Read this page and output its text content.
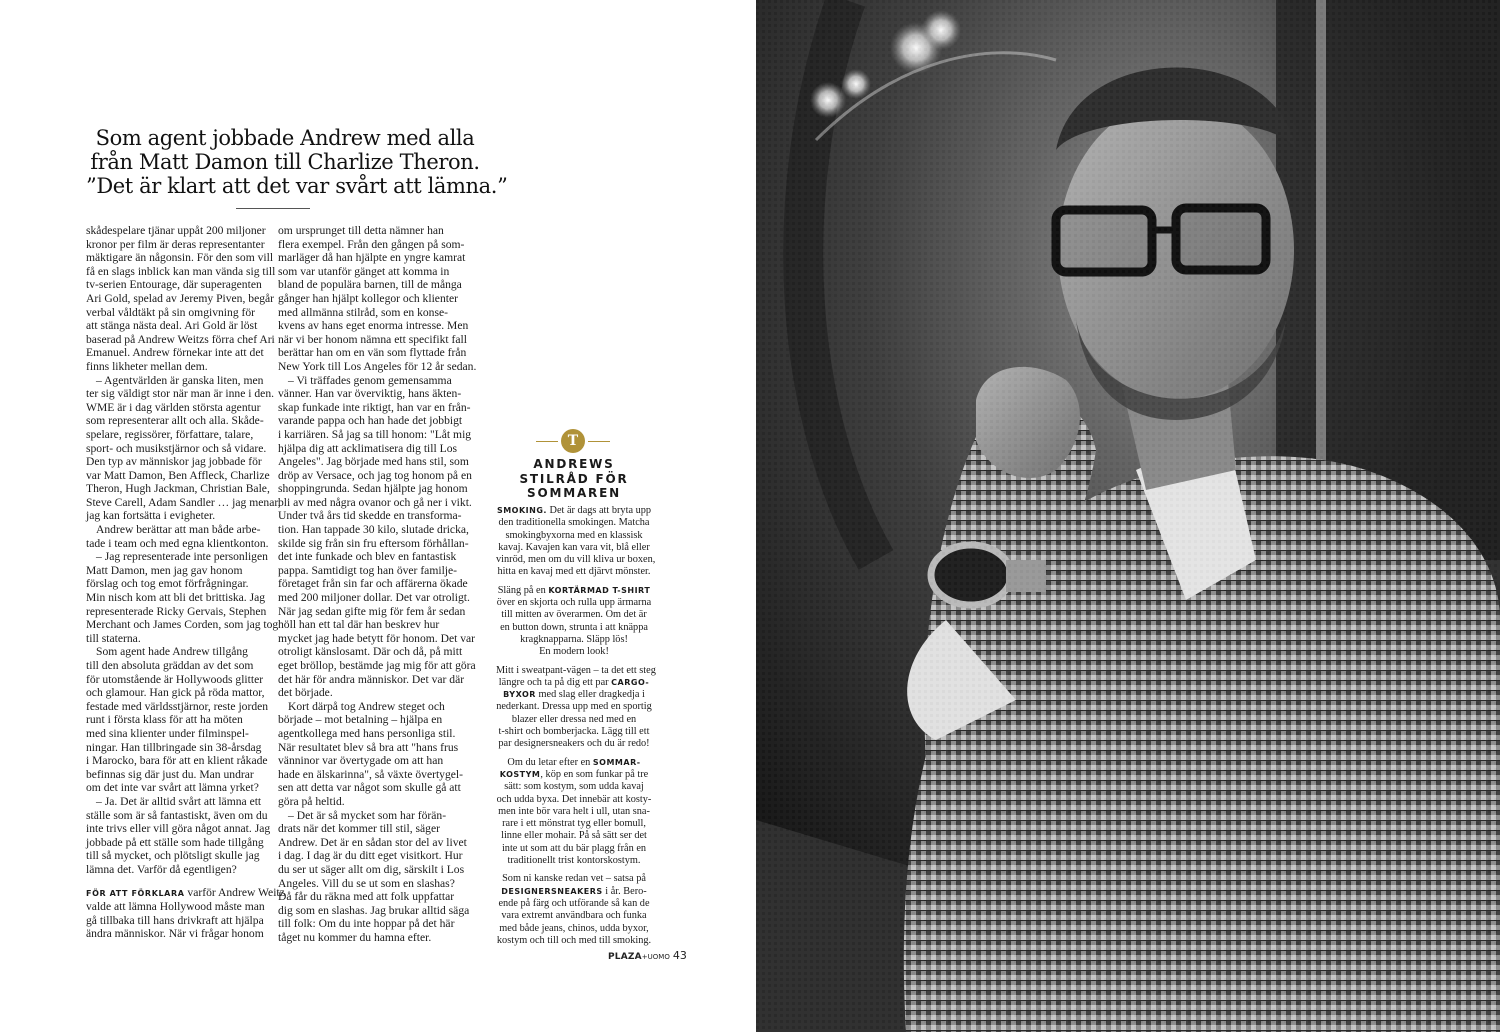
Som agent jobbade Andrew med alla
från Matt Damon till Charlize Theron.
”Det är klart att det var svårt att lämna.”

skådespelare tjänar uppåt 200 miljoner

kronor per film är deras representanter

mäktigare än någonsin. För den som vill

få en slags inblick kan man vända sig till

tv-serien Entourage, där superagenten

Ari Gold, spelad av Jeremy Piven, begår

verbal våldtäkt på sin omgivning för

att stänga nästa deal. Ari Gold är löst

baserad på Andrew Weitzs förra chef Ari

Emanuel. Andrew förnekar inte att det

finns likheter mellan dem.

– Agentvärlden är ganska liten, men

ter sig väldigt stor när man är inne i den.

WME är i dag världen största agentur

som representerar allt och alla. Skåde-

spelare, regissörer, författare, talare,

sport- och musikstjärnor och så vidare.

Den typ av människor jag jobbade för

var Matt Damon, Ben Affleck, Charlize

Theron, Hugh Jackman, Christian Bale,

Steve Carell, Adam Sandler … jag menar,

jag kan fortsätta i evigheter.

Andrew berättar att man både arbe-

tade i team och med egna klientkonton.

– Jag representerade inte personligen

Matt Damon, men jag gav honom

förslag och tog emot förfrågningar.

Min nisch kom att bli det brittiska. Jag

representerade Ricky Gervais, Stephen

Merchant och James Corden, som jag tog

till staterna.

Som agent hade Andrew tillgång

till den absoluta gräddan av det som

för utomstående är Hollywoods glitter

och glamour. Han gick på röda mattor,

festade med världsstjärnor, reste jorden

runt i första klass för att ha möten

med sina klienter under filminspel-

ningar. Han tillbringade sin 38-årsdag

i Marocko, bara för att en klient råkade

befinnas sig där just du. Man undrar

om det inte var svårt att lämna yrket?

– Ja. Det är alltid svårt att lämna ett

ställe som är så fantastiskt, även om du

inte trivs eller vill göra något annat. Jag

jobbade på ett ställe som hade tillgång

till så mycket, och plötsligt skulle jag

lämna det. Varför då egentligen?

FÖR ATT FÖRKLARA varför Andrew Weitz

valde att lämna Hollywood måste man

gå tillbaka till hans drivkraft att hjälpa

ändra människor. När vi frågar honom

om ursprunget till detta nämner han

flera exempel. Från den gången på som-

marläger då han hjälpte en yngre kamrat

som var utanför gänget att komma in

bland de populära barnen, till de många

gånger han hjälpt kollegor och klienter

med allmänna stilråd, som en konse-

kvens av hans eget enorma intresse. Men

när vi ber honom nämna ett specifikt fall

berättar han om en vän som flyttade från

New York till Los Angeles för 12 år sedan.

– Vi träffades genom gemensamma

vänner. Han var överviktig, hans äkten-

skap funkade inte riktigt, han var en från-

varande pappa och han hade det jobbigt

i karriären. Så jag sa till honom: "Låt mig

hjälpa dig att acklimatisera dig till Los

Angeles". Jag började med hans stil, som

dröp av Versace, och jag tog honom på en

shoppingrunda. Sedan hjälpte jag honom

bli av med några ovanor och gå ner i vikt.

Under två års tid skedde en transforma-

tion. Han tappade 30 kilo, slutade dricka,

skilde sig från sin fru eftersom förhållan-

det inte funkade och blev en fantastisk

pappa. Samtidigt tog han över familje-

företaget från sin far och affärerna ökade

med 200 miljoner dollar. Det var otroligt.

När jag sedan gifte mig för fem år sedan

höll han ett tal där han beskrev hur

mycket jag hade betytt för honom. Det var

otroligt känslosamt. Där och då, på mitt

eget bröllop, bestämde jag mig för att göra

det här för andra människor. Det var där

det började.

Kort därpå tog Andrew steget och

började – mot betalning – hjälpa en

agentkollega med hans personliga stil.

När resultatet blev så bra att "hans frus

vänninor var övertygade om att han

hade en älskarinna", så växte övertygel-

sen att detta var något som skulle gå att

göra på heltid.

– Det är så mycket som har förän-

drats när det kommer till stil, säger

Andrew. Det är en sådan stor del av livet

i dag. I dag är du ditt eget visitkort. Hur

du ser ut säger allt om dig, särskilt i Los

Angeles. Vill du se ut som en slashas?

Då får du räkna med att folk uppfattar

dig som en slashas. Jag brukar alltid säga

till folk: Om du inte hoppar på det här

tåget nu kommer du hamna efter.

T
ANDREWS
STILRÅD FÖR
SOMMAREN

SMOKING. Det är dags att bryta upp
den traditionella smokingen. Matcha
smokingbyxorna med en klassisk
kavaj. Kavajen kan vara vit, blå eller
vinröd, men om du vill kliva ur boxen,
hitta en kavaj med ett djärvt mönster.

Släng på en KORTÄRMAD T-SHIRT
över en skjorta och rulla upp ärmarna
till mitten av överarmen. Om det är
en button down, strunta i att knäppa
kragknapparna. Släpp lös!
En modern look!

Mitt i sweatpant-vägen – ta det ett steg
längre och ta på dig ett par CARGO-
BYXOR med slag eller dragkedja i
nederkant. Dressa upp med en sportig
blazer eller dressa ned med en
t-shirt och bomberjacka. Lägg till ett
par designersneakers och du är redo!

Om du letar efter en SOMMAR-
KOSTYM, köp en som funkar på tre
sätt: som kostym, som udda kavaj
och udda byxa. Det innebär att kosty-
men inte bör vara helt i ull, utan sna-
rare i ett mönstrat tyg eller bomull,
linne eller mohair. På så sätt ser det
inte ut som att du bär plagg från en
traditionellt trist kontorskostym.

Som ni kanske redan vet – satsa på
DESIGNERSNEAKERS i år. Bero-
ende på färg och utförande så kan de
vara extremt användbara och funka
med både jeans, chinos, udda byxor,
kostym och till och med till smoking.

PLAZA+UOMO 43
